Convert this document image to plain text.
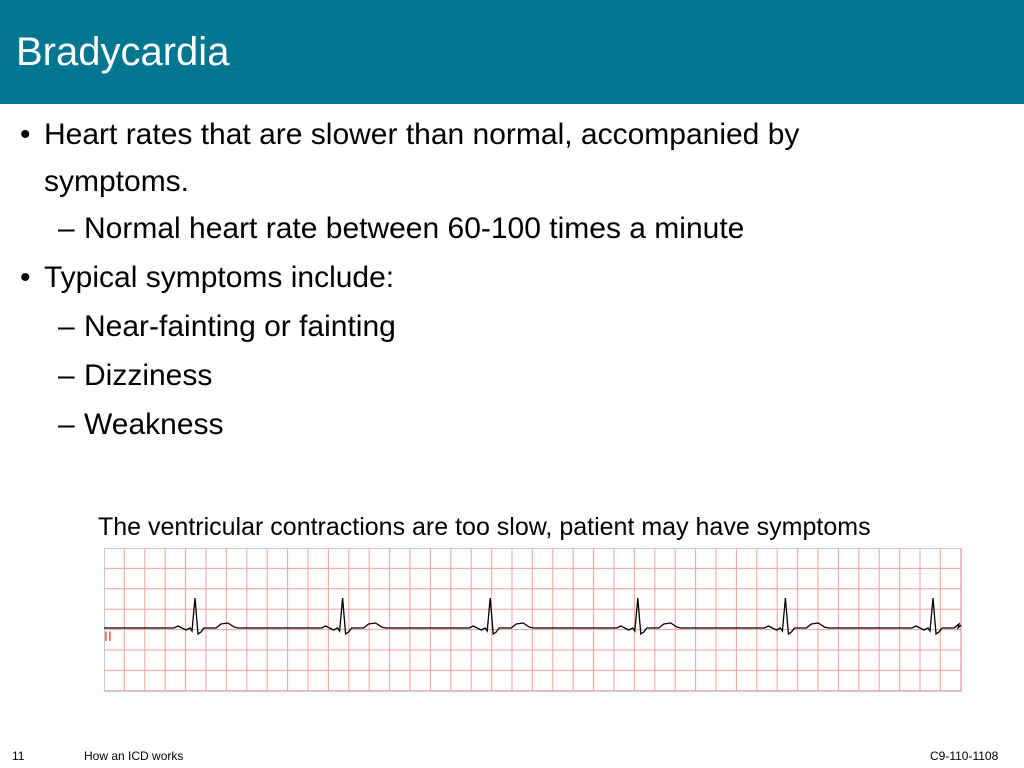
Bradycardia
• Heart rates that are slower than normal, accompanied by
symptoms.
– Normal heart rate between 60-100 times a minute
• Typical symptoms include:
– Near-fainting or fainting
– Dizziness
– Weakness
The ventricular contractions are too slow, patient may have symptoms
II
11	How an ICD works	C9-110-1108
